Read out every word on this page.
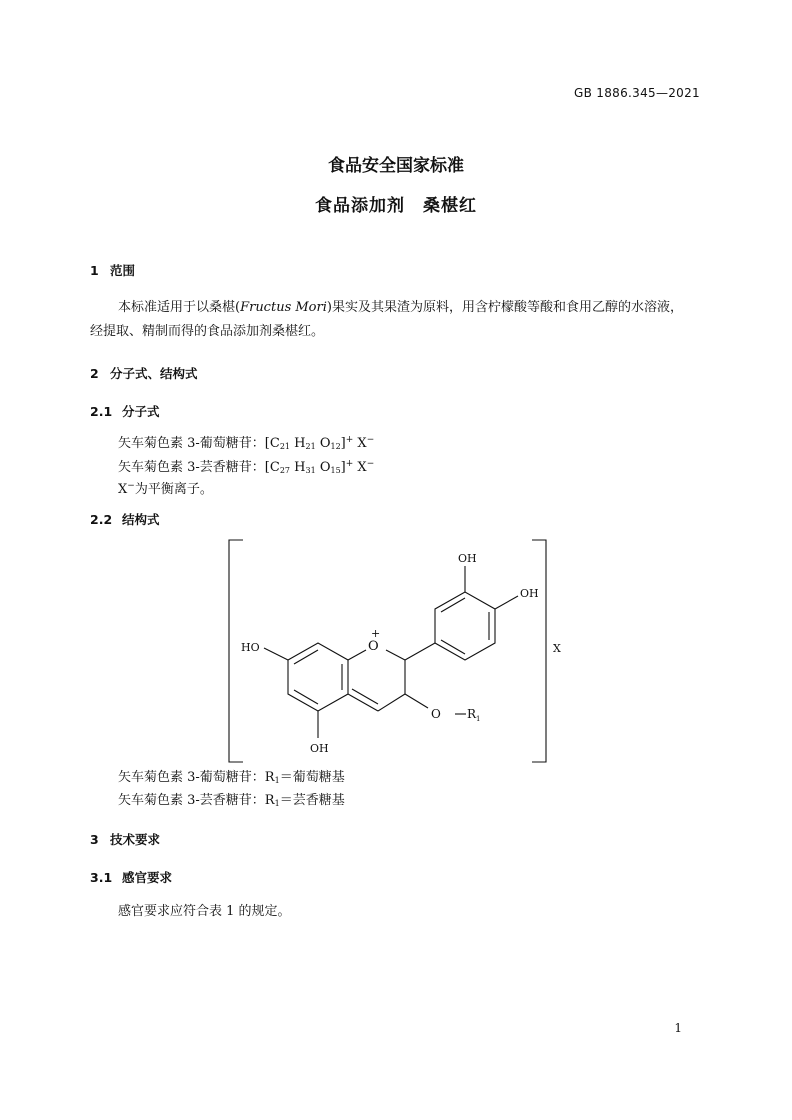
GB 1886.345—2021
食品安全国家标准
食品添加剂　桑椹红
1 范围
本标准适用于以桑椹(Fructus Mori)果实及其果渣为原料，用含柠檬酸等酸和食用乙醇的水溶液，
经提取、精制而得的食品添加剂桑椹红。
2 分子式、结构式
2.1 分子式
矢车菊色素 3-葡萄糖苷：[$C_{21}$ $H_{21}$ $O_{12}]^+$ X−
矢车菊色素 3-芸香糖苷：[$C_{27}$ $H_{31}$ $O_{15}]^+$ X−
X−为平衡离子。
2.2 结构式
OH
OH
HO	O
+
OH
O R 1
X
矢车菊色素 3-葡萄糖苷：$R_1=$葡萄糖基
矢车菊色素 3-芸香糖苷：$R_1=$芸香糖基
3 技术要求
3.1 感官要求
感官要求应符合表 1 的规定。
1
